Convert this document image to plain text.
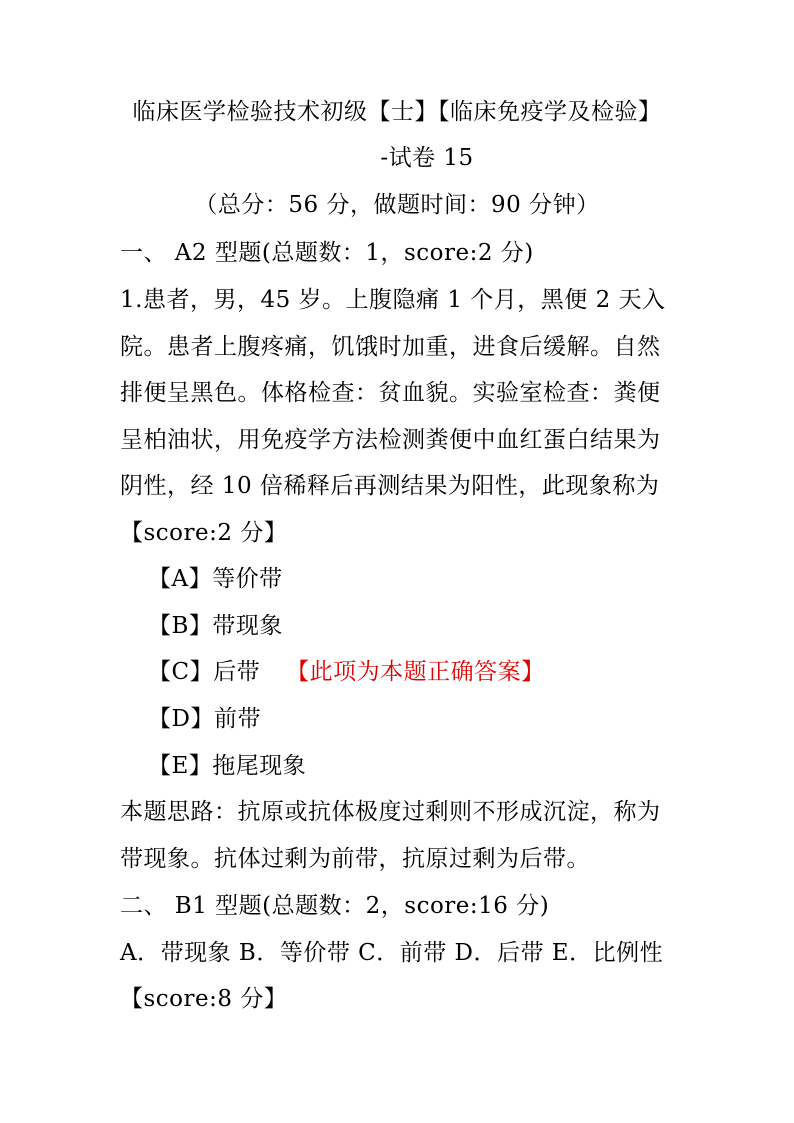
临床医学检验技术初级【士】【临床免疫学及检验】
-试卷 15
（总分：56 分，做题时间：90 分钟）
一、 A2 型题(总题数：1，score:2 分)
1.患者，男，45 岁。上腹隐痛 1 个月，黑便 2 天入
院。患者上腹疼痛，饥饿时加重，进食后缓解。自然
排便呈黑色。体格检查：贫血貌。实验室检查：粪便
呈柏油状，用免疫学方法检测粪便中血红蛋白结果为
阴性，经 10 倍稀释后再测结果为阳性，此现象称为
【score:2 分】
【A】等价带
【B】带现象
【C】后带 【此项为本题正确答案】
【D】前带
【E】拖尾现象
本题思路：抗原或抗体极度过剩则不形成沉淀，称为
带现象。抗体过剩为前带，抗原过剩为后带。
二、 B1 型题(总题数：2，score:16 分)
A．带现象 B．等价带 C．前带 D．后带 E．比例性
【score:8 分】
